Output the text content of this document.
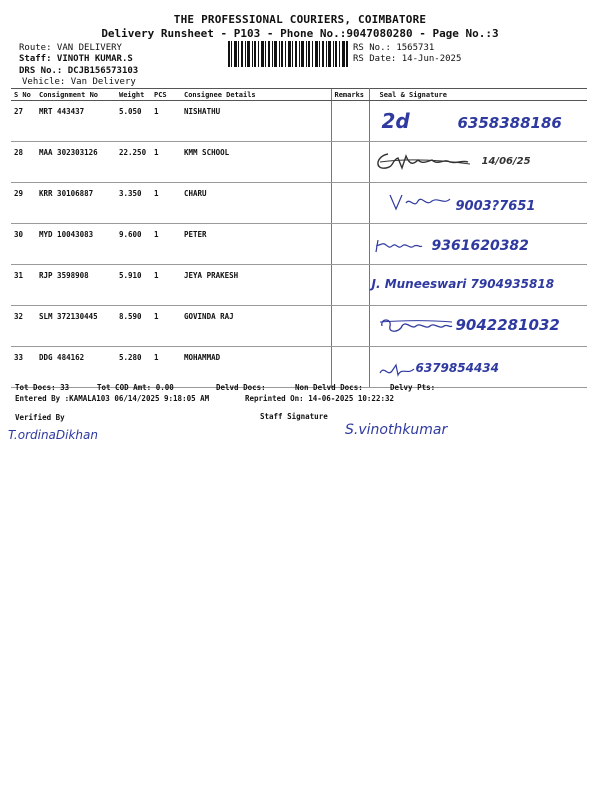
THE PROFESSIONAL COURIERS, COIMBATORE
Delivery Runsheet - P103 - Phone No.:9047080280 - Page No.:3
Route: VAN DELIVERY
Staff: VINOTH KUMAR.S
DRS No.: DCJB156573103
Vehicle: Van Delivery
RS No.: 1565731
RS Date: 14-Jun-2025
S No	Consignment No	Weight	PCS	Consignee Details	Remarks	Seal & Signature
27	MRT 443437	5.050	1	NISHATHU		2d 6358388186

28	MAA 302303126	22.250	1	KMM SCHOOL		14/06/25

29	KRR 30106887	3.350	1	CHARU		9003?7651

30	MYD 10043083	9.600	1	PETER		9361620382

31	RJP 3598908	5.910	1	JEYA PRAKESH		J. Muneeswari 7904935818

32	SLM 372130445	8.590	1	GOVINDA RAJ		9042281032

33	DDG 484162	5.280	1	MOHAMMAD		6379854434
Tot Docs: 33	Tot COD Amt: 0.00	Delvd Docs:	Non Delvd Docs:	Delvy Pts:
Entered By :KAMALA103 06/14/2025 9:18:05 AM	Reprinted On: 14-06-2025 10:22:32
Verified By	Staff Signature
T.ordinaDikhan	S.vinothkumar
